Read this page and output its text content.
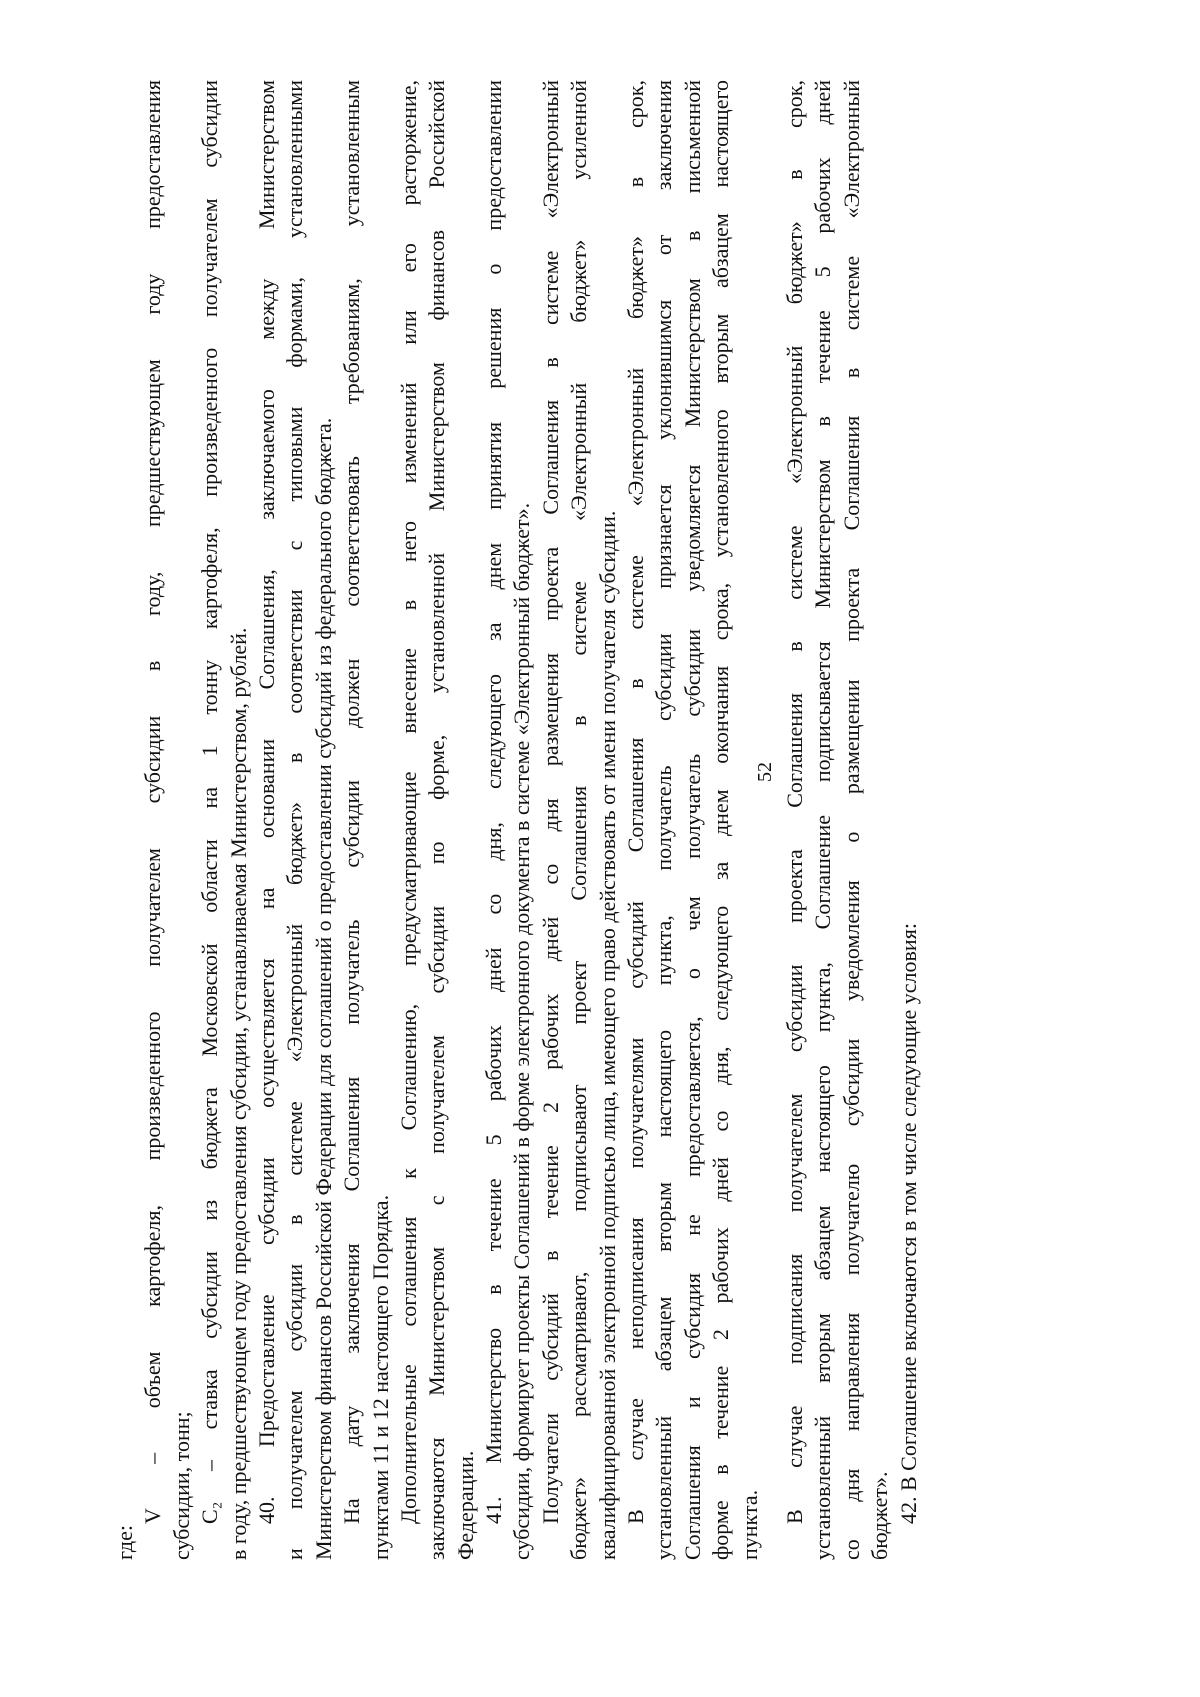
52
где:
V – объем картофеля, произведенного получателем субсидии в году, предшествующем году предоставления субсидии, тонн; C₂ – ставка субсидии из бюджета Московской области на 1 тонну картофеля, произведенного получателем субсидии в году, предшествующем году предоставления субсидии, устанавливаемая Министерством, рублей. 40. Предоставление субсидии осуществляется на основании Соглашения, заключаемого между Министерством и получателем субсидии в системе «Электронный бюджет» в соответствии с типовыми формами, установленными Министерством финансов Российской Федерации для соглашений о предоставлении субсидий из федерального бюджета. На дату заключения Соглашения получатель субсидии должен соответствовать требованиям, установленным пунктами 11 и 12 настоящего Порядка. Дополнительные соглашения к Соглашению, предусматривающие внесение в него изменений или его расторжение, заключаются Министерством с получателем субсидии по форме, установленной Министерством финансов Российской Федерации. 41. Министерство в течение 5 рабочих дней со дня, следующего за днем принятия решения о предоставлении субсидии, формирует проекты Соглашений в форме электронного документа в системе «Электронный бюджет». Получатели субсидий в течение 2 рабочих дней со дня размещения проекта Соглашения в системе «Электронный бюджет» рассматривают, подписывают проект Соглашения в системе «Электронный бюджет» усиленной квалифицированной электронной подписью лица, имеющего право действовать от имени получателя субсидии. В случае неподписания получателями субсидий Соглашения в системе «Электронный бюджет» в срок, установленный абзацем вторым настоящего пункта, получатель субсидии признается уклонившимся от заключения Соглашения и субсидия не предоставляется, о чем получатель субсидии уведомляется Министерством в письменной форме в течение 2 рабочих дней со дня, следующего за днем окончания срока, установленного вторым абзацем настоящего пункта.
В случае подписания получателем субсидии проекта Соглашения в системе «Электронный бюджет» в срок, установленный вторым абзацем настоящего пункта, Соглашение подписывается Министерством в течение 5 рабочих дней со дня направления получателю субсидии уведомления о размещении проекта Соглашения в системе «Электронный бюджет». 42. В Соглашение включаются в том числе следующие условия:
